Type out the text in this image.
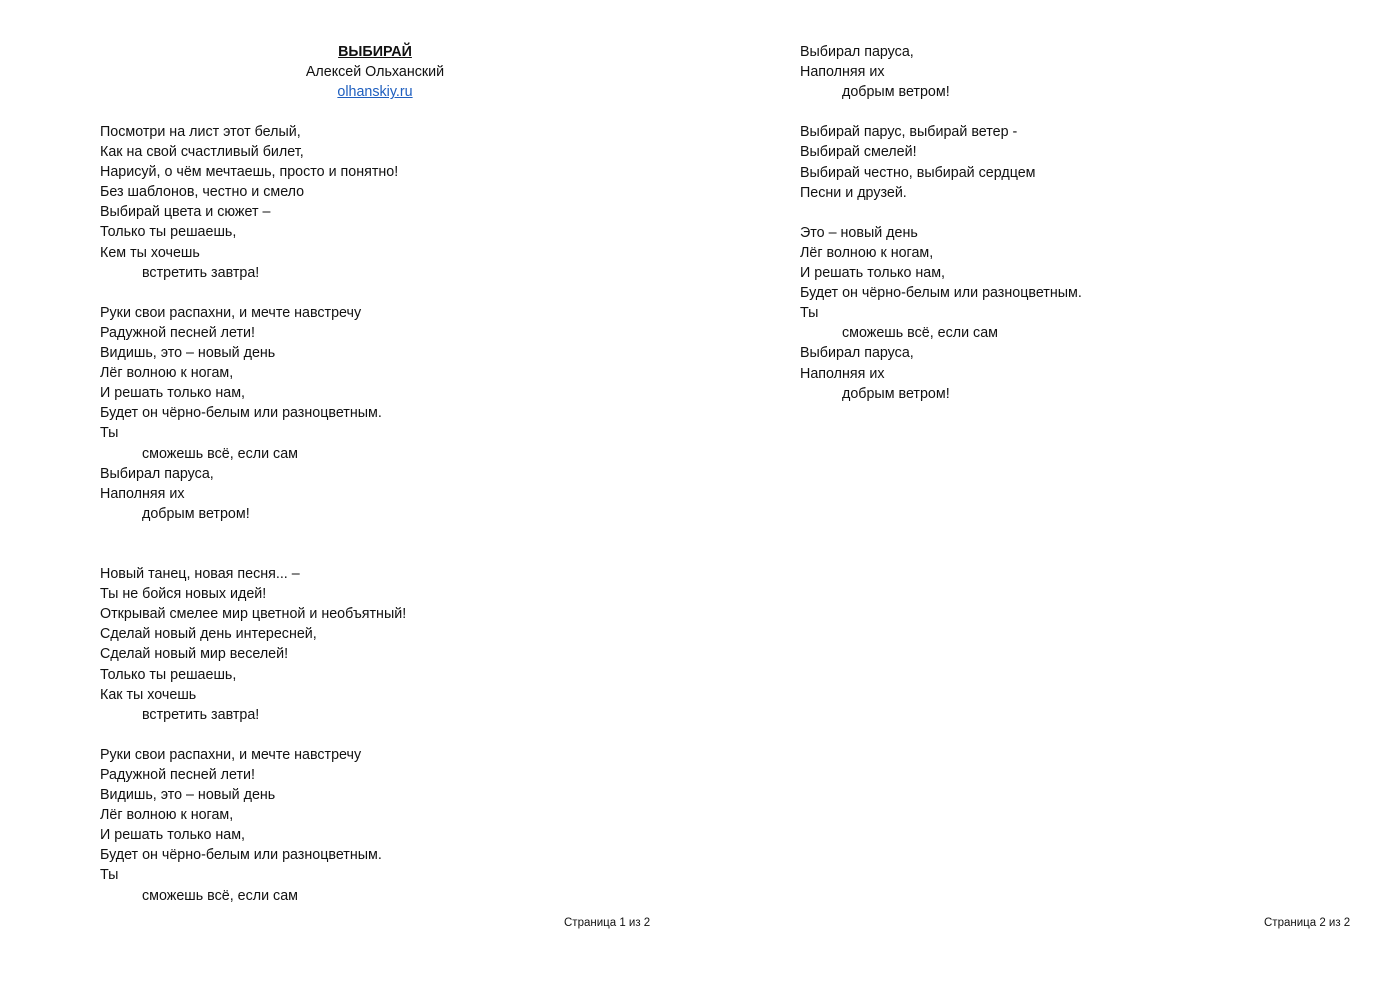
ВЫБИРАЙ
Алексей Ольханский
olhanskiy.ru
Посмотри на лист этот белый,
Как на свой счастливый билет,
Нарисуй, о чём мечтаешь, просто и понятно!
Без шаблонов, честно и смело
Выбирай цвета и сюжет –
Только ты решаешь,
Кем ты хочешь
встретить завтра!
Руки свои распахни, и мечте навстречу
Радужной песней лети!
Видишь, это – новый день
Лёг волною к ногам,
И решать только нам,
Будет он чёрно-белым или разноцветным.
Ты
сможешь всё, если сам
Выбирал паруса,
Наполняя их
добрым ветром!
Новый танец, новая песня... –
Ты не бойся новых идей!
Открывай смелее мир цветной и необъятный!
Сделай новый день интересней,
Сделай новый мир веселей!
Только ты решаешь,
Как ты хочешь
встретить завтра!
Руки свои распахни, и мечте навстречу
Радужной песней лети!
Видишь, это – новый день
Лёг волною к ногам,
И решать только нам,
Будет он чёрно-белым или разноцветным.
Ты
сможешь всё, если сам
Страница 1 из 2
Выбирал паруса,
Наполняя их
добрым ветром!
Выбирай парус, выбирай ветер -
Выбирай смелей!
Выбирай честно, выбирай сердцем
Песни и друзей.
Это – новый день
Лёг волною к ногам,
И решать только нам,
Будет он чёрно-белым или разноцветным.
Ты
сможешь всё, если сам
Выбирал паруса,
Наполняя их
добрым ветром!
Страница 2 из 2
